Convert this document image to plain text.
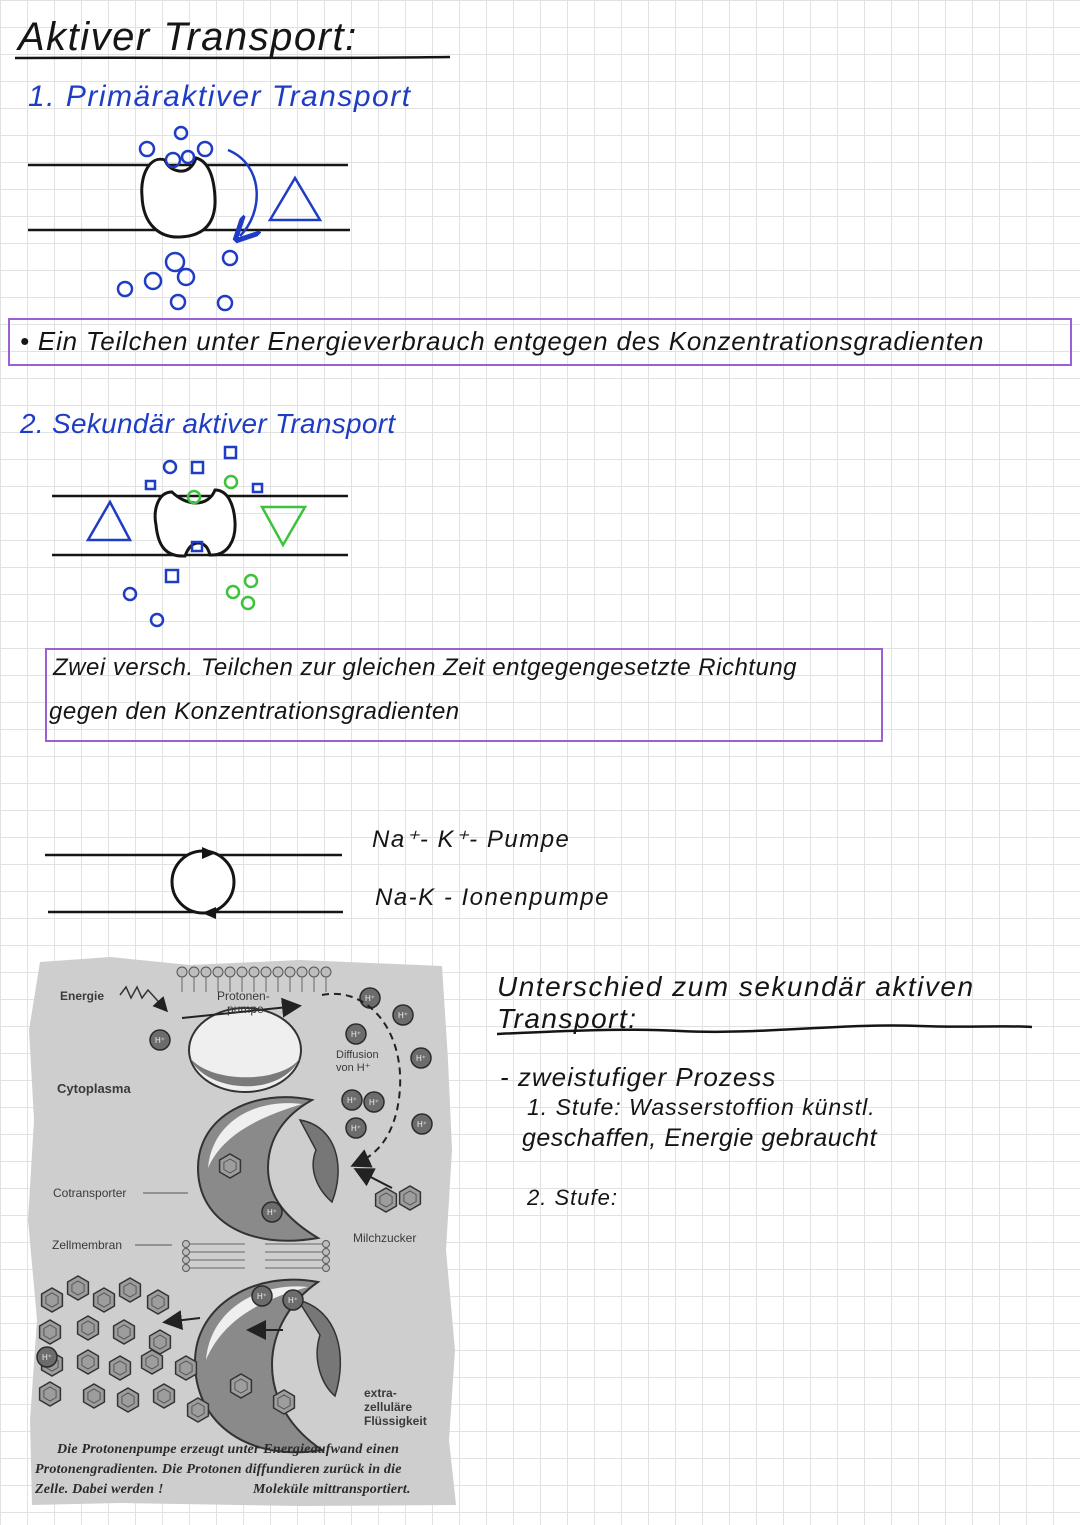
H⁺
H⁺
H⁺
H⁺
H⁺
H⁺ H⁺
H⁺	H⁺
H⁺
H⁺
H⁺
H⁺
Aktiver Transport:
1. Primäraktiver Transport
• Ein Teilchen unter Energieverbrauch entgegen des Konzentrationsgradienten
2. Sekundär aktiver Transport
Zwei versch. Teilchen zur gleichen Zeit entgegengesetzte Richtung
gegen den Konzentrationsgradienten
Na⁺- K⁺- Pumpe
Na-K - Ionenpumpe
Unterschied zum sekundär aktiven
Transport:
- zweistufiger Prozess
1. Stufe: Wasserstoffion künstl.
geschaffen, Energie gebraucht
2. Stufe:
Energie	Protonen-
pumpe
Cytoplasma
Diffusion
von H⁺
Cotransporter
Zellmembran	Milchzucker
extra-
zelluläre
Flüssigkeit
Die Protonenpumpe erzeugt unter Energieaufwand einen
Protonengradienten. Die Protonen diffundieren zurück in die
Zelle. Dabei werden !	Moleküle mittransportiert.
